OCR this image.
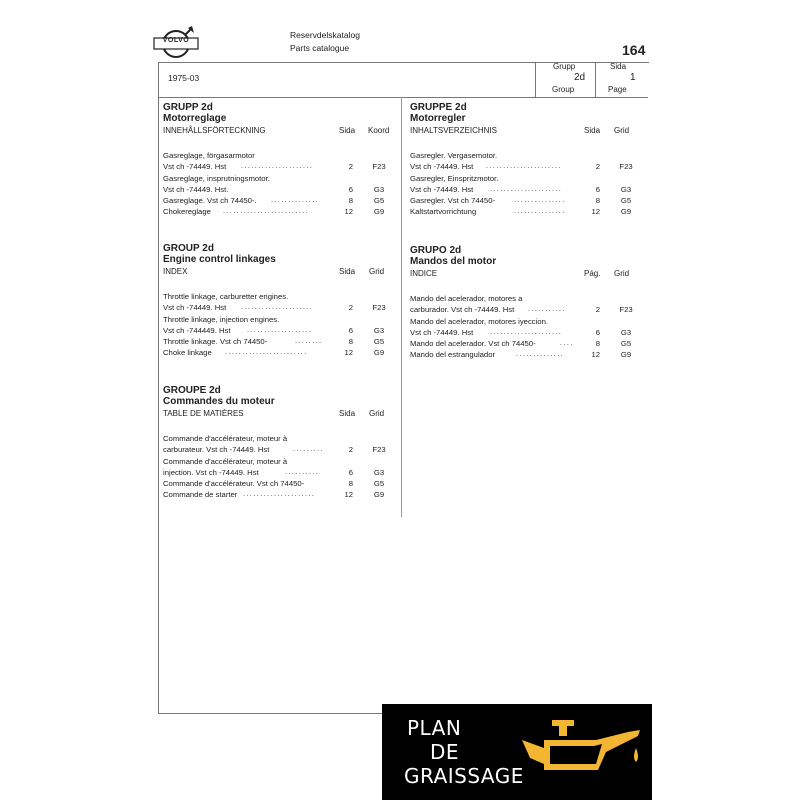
VOLVO
Reservdelskatalog
Parts catalogue	164
1975-03
Grupp
2d
Group
Sida
1
Page
GRUPP 2d
Motorreglage
INNEHÅLLSFÖRTECKNING	Sida Koord
Gasreglage, förgasarmotor
Vst ch -74449. Hst .....................	2	F23
Gasreglage, insprutningsmotor.
Vst ch -74449. Hst.	6	G3
Gasreglage. Vst ch 74450-. ..............	8	G5
Chokereglage .........................	12	G9
GRUPPE 2d
Motorregler
INHALTSVERZEICHNIS	Sida Grid
Gasregler. Vergasemotor.
Vst ch -74449. Hst ......................	2	F23
Gasregler, Einspritzmotor.
Vst ch -74449. Hst .....................	6	G3
Gasregler. Vst ch 74450-	...............	8	G5
Kaltstartvorrichtung	...............	12	G9
GROUP 2d
Engine control linkages
INDEX	Sida Grid
Throttle linkage, carburetter engines.
Vst ch -74449. Hst .....................	2	F23
Throttle linkage, injection engines.
Vst ch -744449. Hst ...................	6	G3
Throttle linkage. Vst ch 74450-	........	8	G5
Choke linkage ........................	12	G9
GRUPO 2d
Mandos del motor
INDICE	Pág. Grid
Mando del acelerador, motores a
carburador. Vst ch -74449. Hst ...........	2	F23
Mando del acelerador, motores iyeccion.
Vst ch -74449. Hst .....................	6	G3
Mando del acelerador. Vst ch 74450-	....	8	G5
Mando del estrangulador	..............	12	G9
GROUPE 2d
Commandes du moteur
TABLE DE MATIÈRES	Sida Grid
Commande d'accélérateur, moteur à
carburateur. Vst ch -74449. Hst	.........	2	F23
Commande d'accélérateur, moteur à
injection. Vst ch -74449. Hst	..........	6	G3
Commande d'accélérateur. Vst ch 74450-	8	G5
Commande de starter .....................	12	G9
PLAN
DE
GRAISSAGE
